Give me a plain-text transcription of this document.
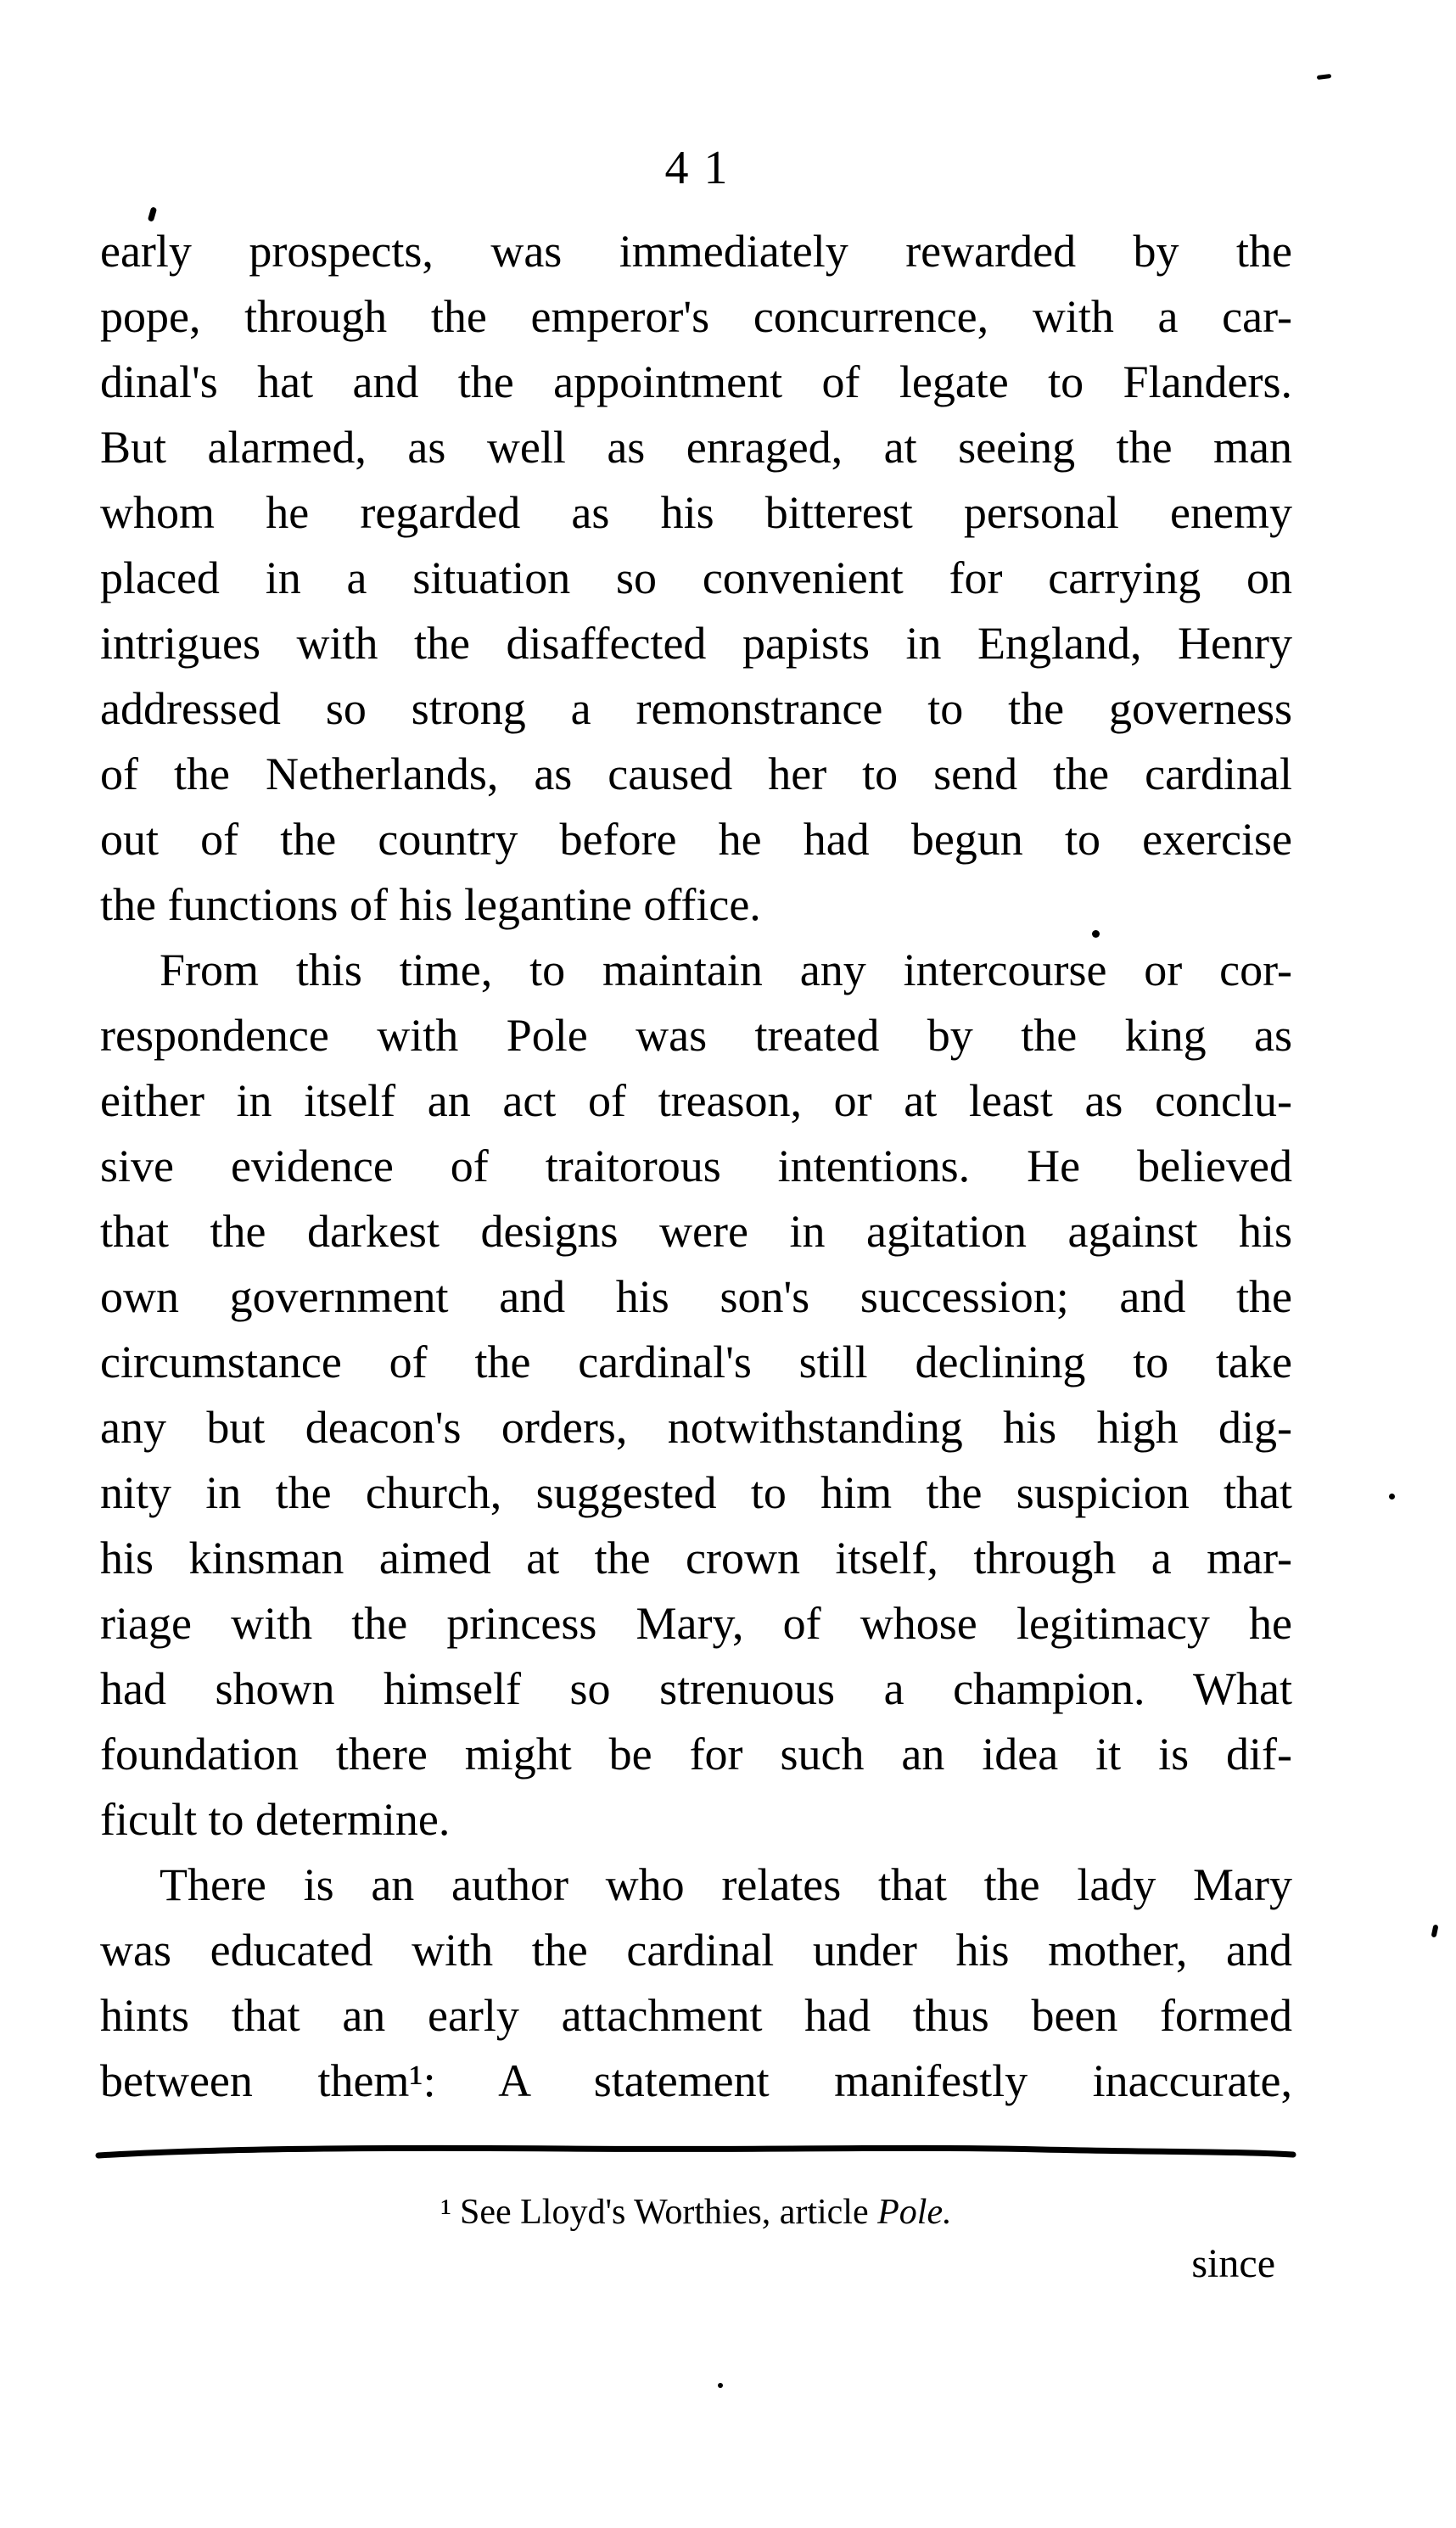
41
early prospects, was immediately rewarded by the
pope, through the emperor's concurrence, with a car-
dinal's hat and the appointment of legate to Flanders.
But alarmed, as well as enraged, at seeing the man
whom he regarded as his bitterest personal enemy
placed in a situation so convenient for carrying on
intrigues with the disaffected papists in England, Henry
addressed so strong a remonstrance to the governess
of the Netherlands, as caused her to send the cardinal
out of the country before he had begun to exercise
the functions of his legantine office.
From this time, to maintain any intercourse or cor-
respondence with Pole was treated by the king as
either in itself an act of treason, or at least as conclu-
sive evidence of traitorous intentions. He believed
that the darkest designs were in agitation against his
own government and his son's succession; and the
circumstance of the cardinal's still declining to take
any but deacon's orders, notwithstanding his high dig-
nity in the church, suggested to him the suspicion that
his kinsman aimed at the crown itself, through a mar-
riage with the princess Mary, of whose legitimacy he
had shown himself so strenuous a champion. What
foundation there might be for such an idea it is dif-
ficult to determine.
There is an author who relates that the lady Mary
was educated with the cardinal under his mother, and
hints that an early attachment had thus been formed
between them¹: A statement manifestly inaccurate,
¹ See Lloyd's Worthies, article Pole.
since
